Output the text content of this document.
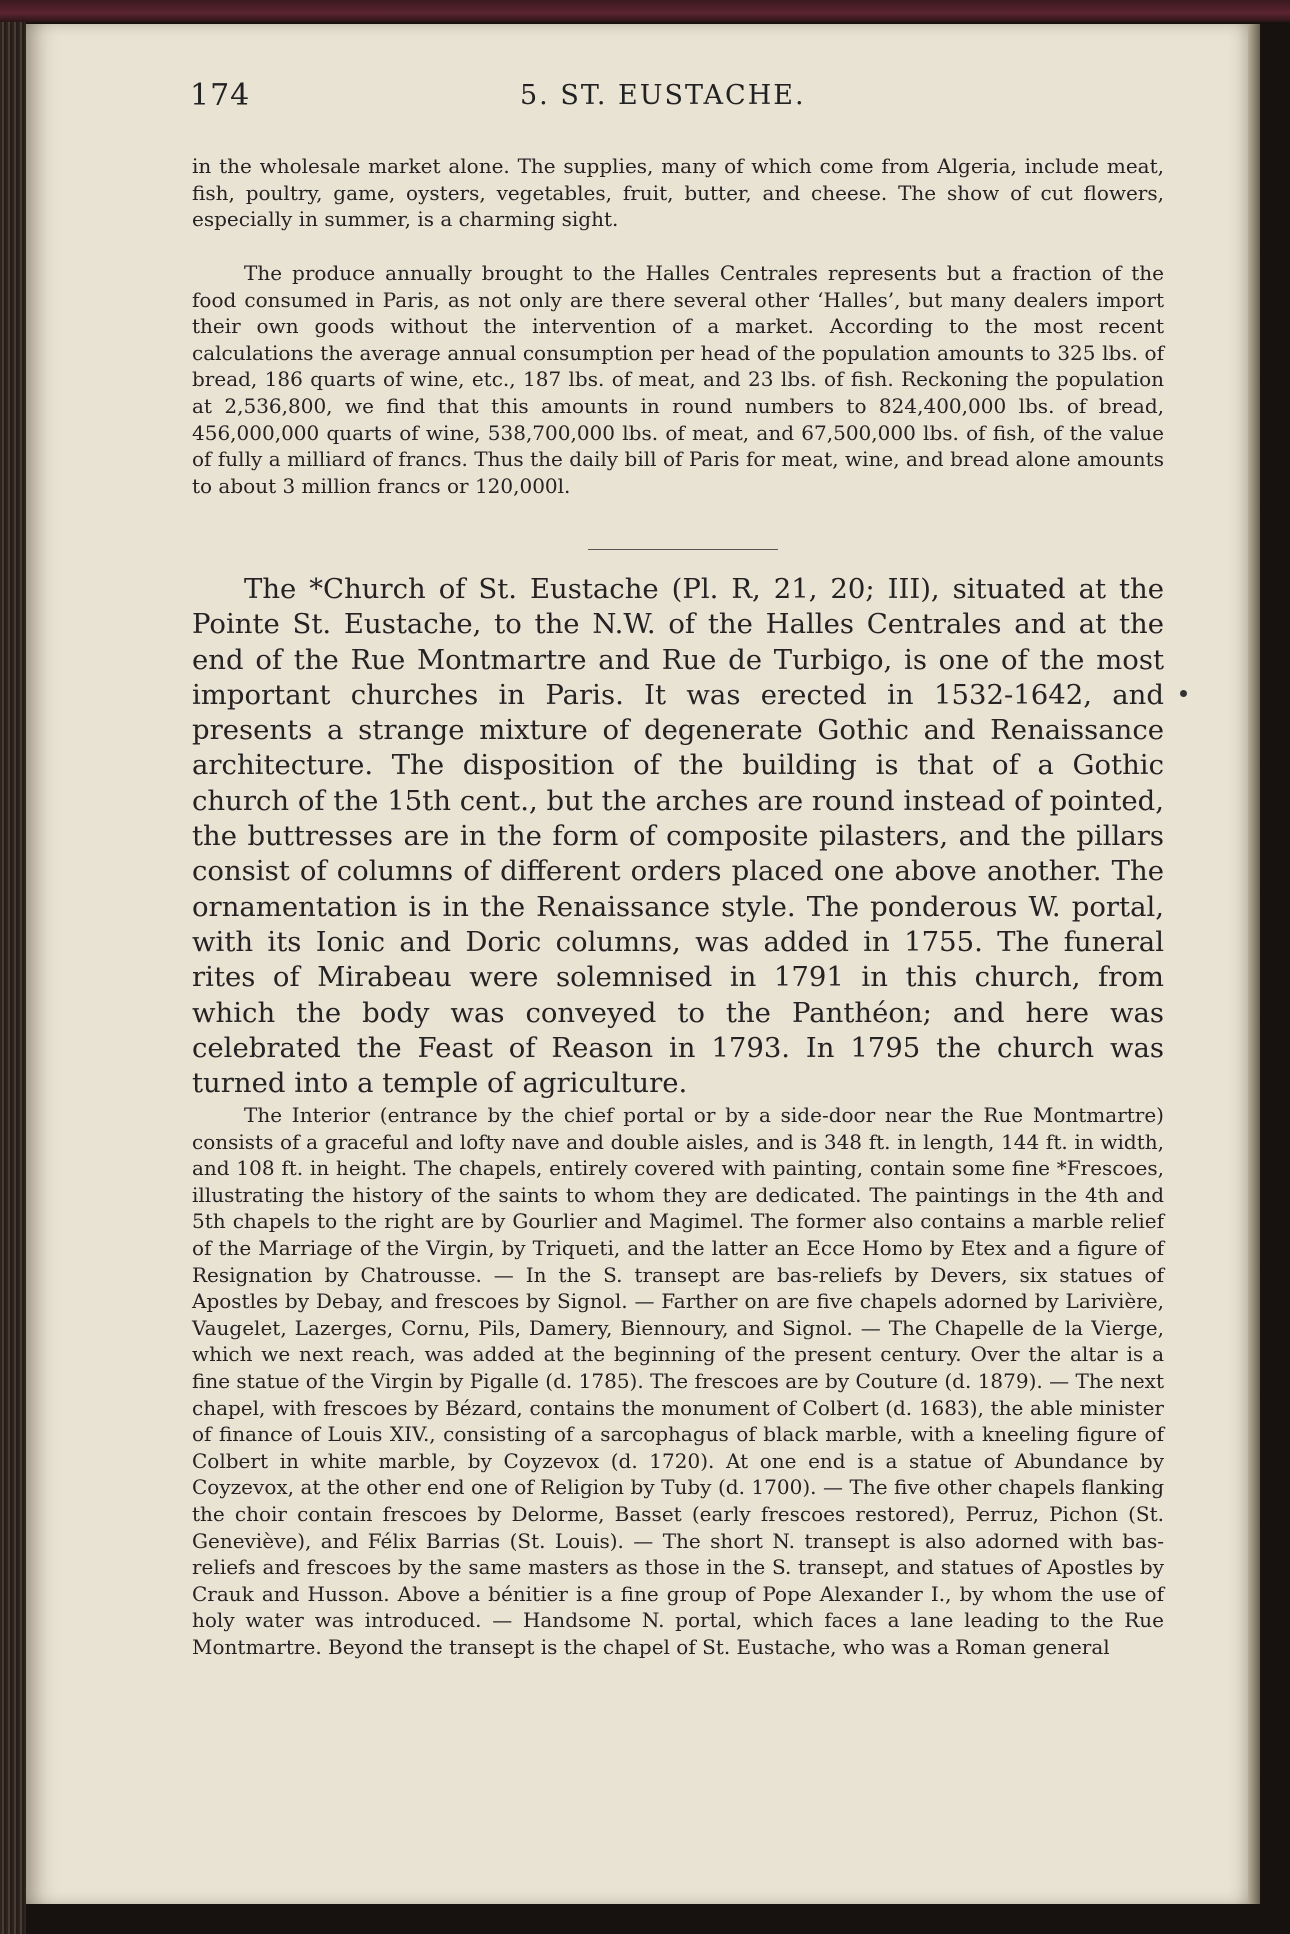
174	5. ST. EUSTACHE.

in the wholesale market alone. The supplies, many of which come from Algeria, include meat, fish, poultry, game, oysters, vegetables, fruit, butter, and cheese. The show of cut flowers, especially in summer, is a charming sight.

The produce annually brought to the Halles Centrales represents but a fraction of the food consumed in Paris, as not only are there several other ‘Halles’, but many dealers import their own goods without the intervention of a market. According to the most recent calculations the average annual consumption per head of the population amounts to 325 lbs. of bread, 186 quarts of wine, etc., 187 lbs. of meat, and 23 lbs. of fish. Reckoning the population at 2,536,800, we find that this amounts in round numbers to 824,400,000 lbs. of bread, 456,000,000 quarts of wine, 538,700,000 lbs. of meat, and 67,500,000 lbs. of fish, of the value of fully a milliard of francs. Thus the daily bill of Paris for meat, wine, and bread alone amounts to about 3 million francs or 120,000l.

The *Church of St. Eustache (Pl. R, 21, 20; III), situated at the Pointe St. Eustache, to the N.W. of the Halles Centrales and at the end of the Rue Montmartre and Rue de Turbigo, is one of the most important churches in Paris. It was erected in 1532-1642, and presents a strange mixture of degenerate Gothic and Renaissance architecture. The disposition of the building is that of a Gothic church of the 15th cent., but the arches are round instead of pointed, the buttresses are in the form of composite pilasters, and the pillars consist of columns of different orders placed one above another. The ornamentation is in the Renaissance style. The ponderous W. portal, with its Ionic and Doric columns, was added in 1755. The funeral rites of Mirabeau were solemnised in 1791 in this church, from which the body was conveyed to the Panthéon; and here was celebrated the Feast of Reason in 1793. In 1795 the church was turned into a temple of agriculture.

The Interior (entrance by the chief portal or by a side-door near the Rue Montmartre) consists of a graceful and lofty nave and double aisles, and is 348 ft. in length, 144 ft. in width, and 108 ft. in height. The chapels, entirely covered with painting, contain some fine *Frescoes, illustrating the history of the saints to whom they are dedicated. The paintings in the 4th and 5th chapels to the right are by Gourlier and Magimel. The former also contains a marble relief of the Marriage of the Virgin, by Triqueti, and the latter an Ecce Homo by Etex and a figure of Resignation by Chatrousse. — In the S. transept are bas-reliefs by Devers, six statues of Apostles by Debay, and frescoes by Signol. — Farther on are five chapels adorned by Larivière, Vaugelet, Lazerges, Cornu, Pils, Damery, Biennoury, and Signol. — The Chapelle de la Vierge, which we next reach, was added at the beginning of the present century. Over the altar is a fine statue of the Virgin by Pigalle (d. 1785). The frescoes are by Couture (d. 1879). — The next chapel, with frescoes by Bézard, contains the monument of Colbert (d. 1683), the able minister of finance of Louis XIV., consisting of a sarcophagus of black marble, with a kneeling figure of Colbert in white marble, by Coyzevox (d. 1720). At one end is a statue of Abundance by Coyzevox, at the other end one of Religion by Tuby (d. 1700). — The five other chapels flanking the choir contain frescoes by Delorme, Basset (early frescoes restored), Perruz, Pichon (St. Geneviève), and Félix Barrias (St. Louis). — The short N. transept is also adorned with bas-reliefs and frescoes by the same masters as those in the S. transept, and statues of Apostles by Crauk and Husson. Above a bénitier is a fine group of Pope Alexander I., by whom the use of holy water was introduced. — Handsome N. portal, which faces a lane leading to the Rue Montmartre. Beyond the transept is the chapel of St. Eustache, who was a Roman general
